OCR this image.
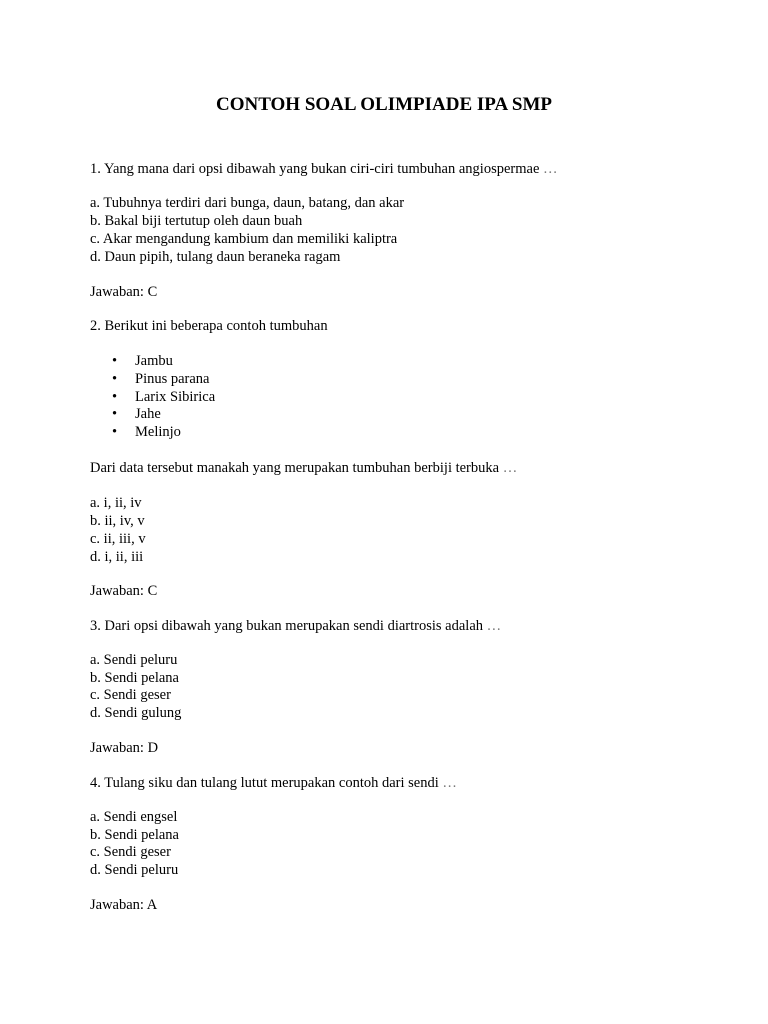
CONTOH SOAL OLIMPIADE IPA SMP
1. Yang mana dari opsi dibawah yang bukan ciri-ciri tumbuhan angiospermae …
a. Tubuhnya terdiri dari bunga, daun, batang, dan akar
b. Bakal biji tertutup oleh daun buah
c. Akar mengandung kambium dan memiliki kaliptra
d. Daun pipih, tulang daun beraneka ragam
Jawaban: C
2. Berikut ini beberapa contoh tumbuhan
• Jambu
• Pinus parana
• Larix Sibirica
• Jahe
• Melinjo
Dari data tersebut manakah yang merupakan tumbuhan berbiji terbuka …
a. i, ii, iv
b. ii, iv, v
c. ii, iii, v
d. i, ii, iii
Jawaban: C
3. Dari opsi dibawah yang bukan merupakan sendi diartrosis adalah …
a. Sendi peluru
b. Sendi pelana
c. Sendi geser
d. Sendi gulung
Jawaban: D
4. Tulang siku dan tulang lutut merupakan contoh dari sendi …
a. Sendi engsel
b. Sendi pelana
c. Sendi geser
d. Sendi peluru
Jawaban: A
